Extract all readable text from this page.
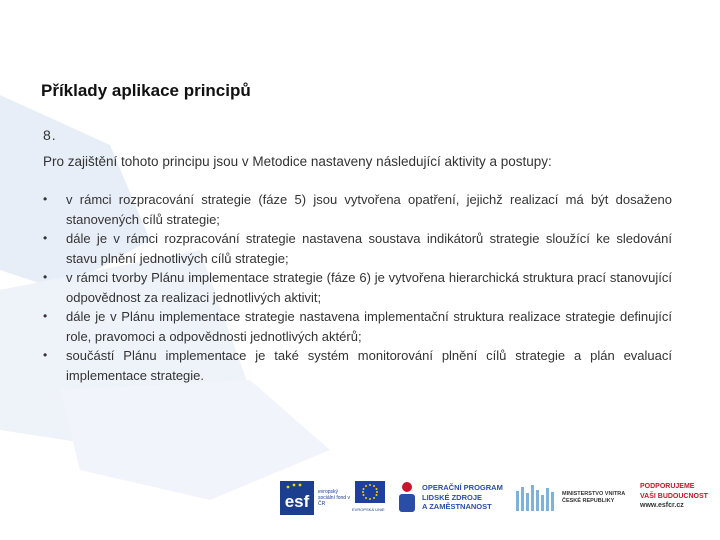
Příklady aplikace principů
8.
Pro zajištění tohoto principu jsou v Metodice nastaveny následující aktivity a postupy:
• v rámci rozpracování strategie (fáze 5) jsou vytvořena opatření, jejichž realizací má být dosaženo stanovených cílů strategie;
• dále je v rámci rozpracování strategie nastavena soustava indikátorů strategie sloužící ke sledování stavu plnění jednotlivých cílů strategie;
• v rámci tvorby Plánu implementace strategie (fáze 6) je vytvořena hierarchická struktura prací stanovující odpovědnost za realizaci jednotlivých aktivit;
• dále je v Plánu implementace strategie nastavena implementační struktura realizace strategie definující role, pravomoci a odpovědnosti jednotlivých aktérů;
• součástí Plánu implementace je také systém monitorování plnění cílů strategie a plán evaluací implementace strategie.
esf evropský sociální fond v ČR
EVROPSKÁ UNIE
OPERAČNÍ PROGRAM
LIDSKÉ ZDROJE
A ZAMĚSTNANOST
MINISTERSTVO VNITRA
ČESKÉ REPUBLIKY
PODPORUJEME
VAŠI BUDOUCNOST
www.esfcr.cz
